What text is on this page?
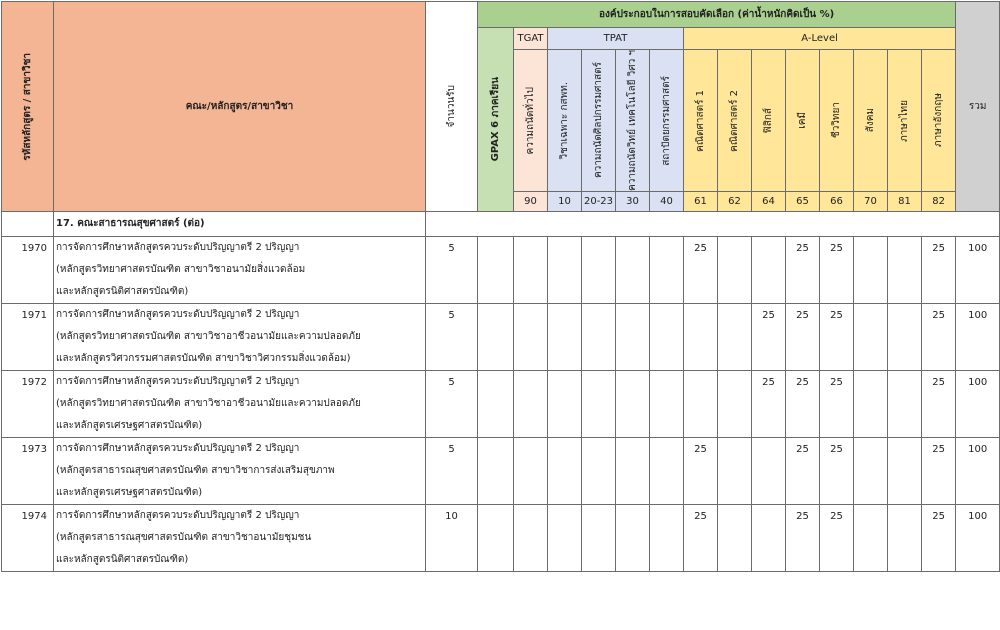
รหัสหลักสูตร / สาขาวิชา	คณะ/หลักสูตร/สาขาวิชา	จำนวนรับ	องค์ประกอบในการสอบคัดเลือก (ค่าน้ำหนักคิดเป็น %)														รวม

			GPAX 6 ภาคเรียน	TGAT	TPAT				A-Level								

				ความถนัดทั่วไป	วิชาเฉพาะ กสพท.	ความถนัดศิลปกรรมศาสตร์	ความถนัดวิทย์ เทคโนโลยี วิศว ฯ	สถาปัตยกรรมศาสตร์	คณิตศาสตร์ 1	คณิตศาสตร์ 2	ฟิสิกส์	เคมี	ชีววิทยา	สังคม	ภาษาไทย	ภาษาอังกฤษ	

				90	10	20-23	30	40	61	62	64	65	66	70	81	82	
	17. คณะสาธารณสุขศาสตร์ (ต่อ)																
1970	การจัดการศึกษาหลักสูตรควบระดับปริญญาตรี 2 ปริญญา
(หลักสูตรวิทยาศาสตรบัณฑิต สาขาวิชาอนามัยสิ่งแวดล้อม
และหลักสูตรนิติศาสตรบัณฑิต)	5							25			25	25			25	100
1971	การจัดการศึกษาหลักสูตรควบระดับปริญญาตรี 2 ปริญญา
(หลักสูตรวิทยาศาสตรบัณฑิต สาขาวิชาอาชีวอนามัยและความปลอดภัย
และหลักสูตรวิศวกรรมศาสตรบัณฑิต สาขาวิชาวิศวกรรมสิ่งแวดล้อม)	5									25	25	25			25	100
1972	การจัดการศึกษาหลักสูตรควบระดับปริญญาตรี 2 ปริญญา
(หลักสูตรวิทยาศาสตรบัณฑิต สาขาวิชาอาชีวอนามัยและความปลอดภัย
และหลักสูตรเศรษฐศาสตรบัณฑิต)	5									25	25	25			25	100
1973	การจัดการศึกษาหลักสูตรควบระดับปริญญาตรี 2 ปริญญา
(หลักสูตรสาธารณสุขศาสตรบัณฑิต สาขาวิชาการส่งเสริมสุขภาพ
และหลักสูตรเศรษฐศาสตรบัณฑิต)	5							25			25	25			25	100
1974	การจัดการศึกษาหลักสูตรควบระดับปริญญาตรี 2 ปริญญา
(หลักสูตรสาธารณสุขศาสตรบัณฑิต สาขาวิชาอนามัยชุมชน
และหลักสูตรนิติศาสตรบัณฑิต)	10							25			25	25			25	100
